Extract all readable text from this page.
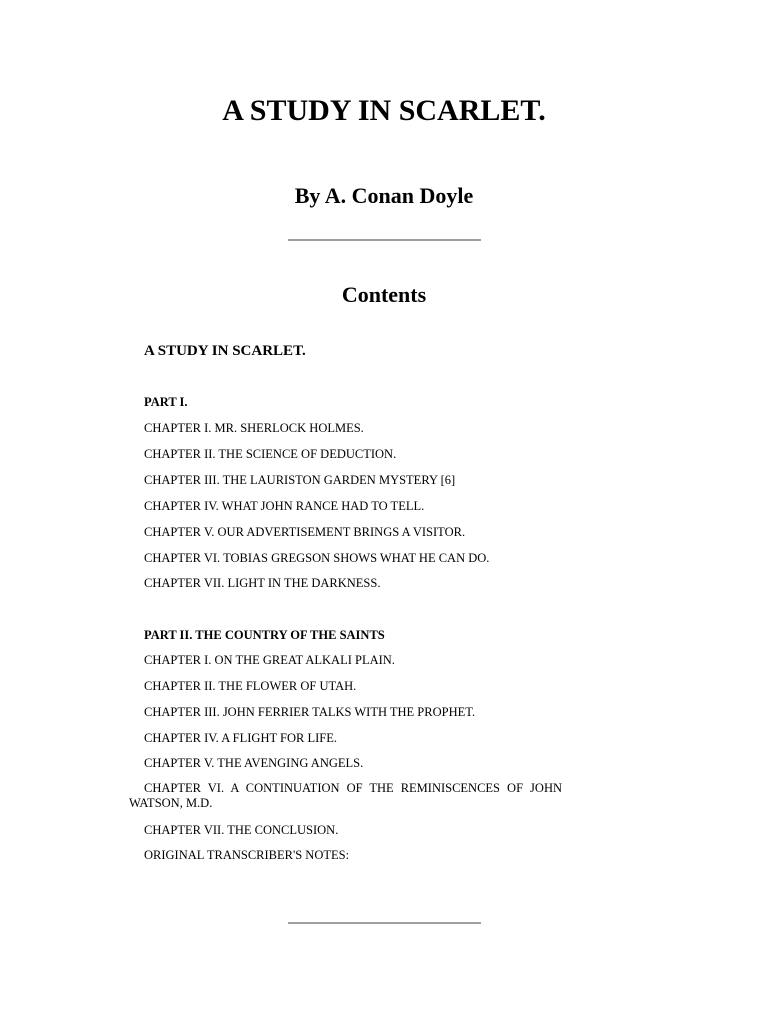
A STUDY IN SCARLET.
By A. Conan Doyle
Contents

A STUDY IN SCARLET.

PART I.

CHAPTER I. MR. SHERLOCK HOLMES.

CHAPTER II. THE SCIENCE OF DEDUCTION.

CHAPTER III. THE LAURISTON GARDEN MYSTERY [6]

CHAPTER IV. WHAT JOHN RANCE HAD TO TELL.

CHAPTER V. OUR ADVERTISEMENT BRINGS A VISITOR.

CHAPTER VI. TOBIAS GREGSON SHOWS WHAT HE CAN DO.

CHAPTER VII. LIGHT IN THE DARKNESS.

PART II. THE COUNTRY OF THE SAINTS

CHAPTER I. ON THE GREAT ALKALI PLAIN.

CHAPTER II. THE FLOWER OF UTAH.

CHAPTER III. JOHN FERRIER TALKS WITH THE PROPHET.

CHAPTER IV. A FLIGHT FOR LIFE.

CHAPTER V. THE AVENGING ANGELS.

CHAPTER VI. A CONTINUATION OF THE REMINISCENCES OF JOHN WATSON, M.D.

CHAPTER VII. THE CONCLUSION.

ORIGINAL TRANSCRIBER'S NOTES:
